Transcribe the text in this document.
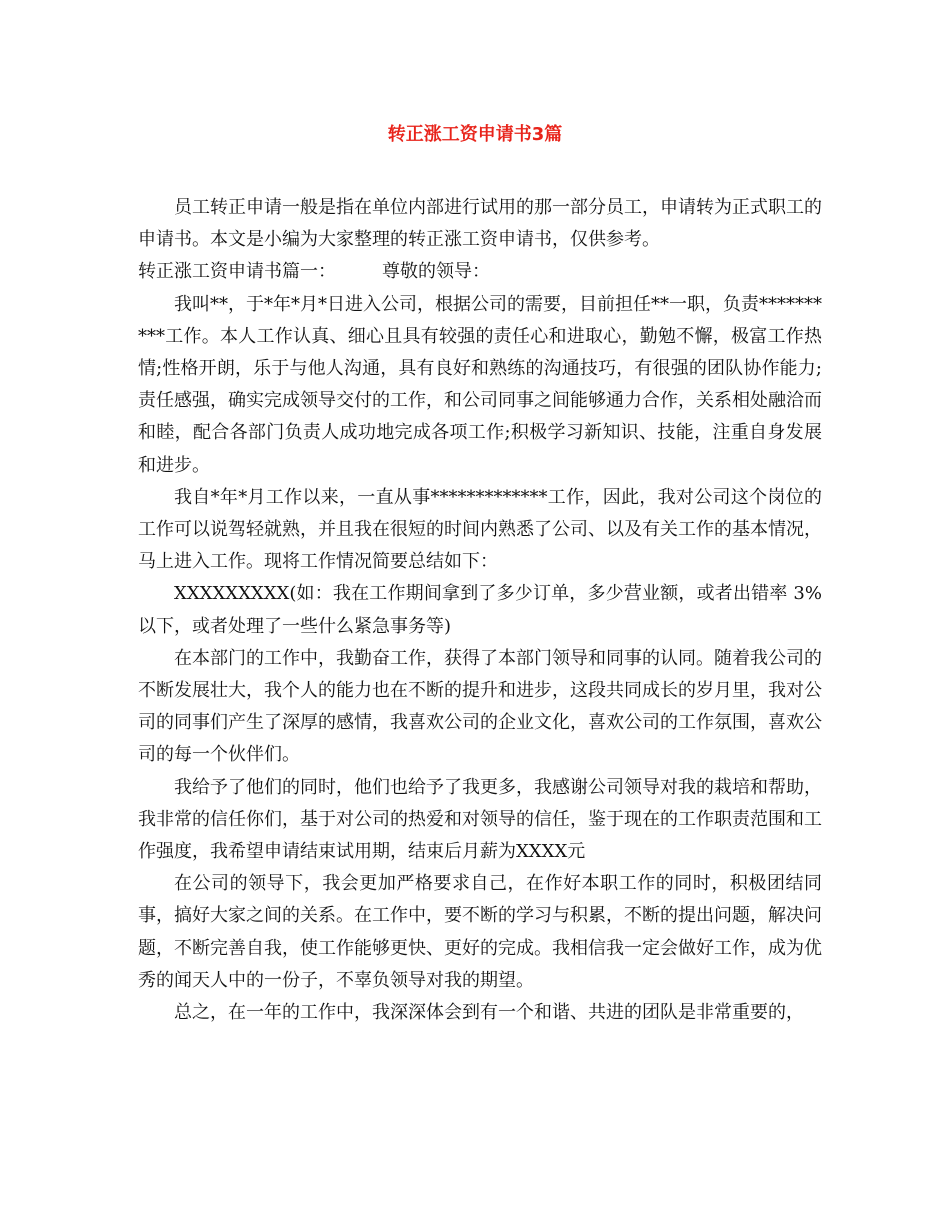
转正涨工资申请书3篇

员工转正申请一般是指在单位内部进行试用的那一部分员工，申请转为正式职工的申请书。本文是小编为大家整理的转正涨工资申请书，仅供参考。

转正涨工资申请书篇一：	尊敬的领导：

我叫**，于*年*月*日进入公司，根据公司的需要，目前担任**一职，负责**********工作。本人工作认真、细心且具有较强的责任心和进取心，勤勉不懈，极富工作热情;性格开朗，乐于与他人沟通，具有良好和熟练的沟通技巧，有很强的团队协作能力;责任感强，确实完成领导交付的工作，和公司同事之间能够通力合作，关系相处融洽而和睦，配合各部门负责人成功地完成各项工作;积极学习新知识、技能，注重自身发展和进步。

我自*年*月工作以来，一直从事*************工作，因此，我对公司这个岗位的工作可以说驾轻就熟，并且我在很短的时间内熟悉了公司、以及有关工作的基本情况，马上进入工作。现将工作情况简要总结如下：

XXXXXXXXX(如：我在工作期间拿到了多少订单，多少营业额，或者出错率 3%以下，或者处理了一些什么紧急事务等)

在本部门的工作中，我勤奋工作，获得了本部门领导和同事的认同。随着我公司的不断发展壮大，我个人的能力也在不断的提升和进步，这段共同成长的岁月里，我对公司的同事们产生了深厚的感情，我喜欢公司的企业文化，喜欢公司的工作氛围，喜欢公司的每一个伙伴们。

我给予了他们的同时，他们也给予了我更多，我感谢公司领导对我的栽培和帮助，我非常的信任你们，基于对公司的热爱和对领导的信任，鉴于现在的工作职责范围和工作强度，我希望申请结束试用期，结束后月薪为XXXX元

在公司的领导下，我会更加严格要求自己，在作好本职工作的同时，积极团结同事，搞好大家之间的关系。在工作中，要不断的学习与积累，不断的提出问题，解决问题，不断完善自我，使工作能够更快、更好的完成。我相信我一定会做好工作，成为优秀的闻天人中的一份子，不辜负领导对我的期望。

总之，在一年的工作中，我深深体会到有一个和谐、共进的团队是非常重要的，
